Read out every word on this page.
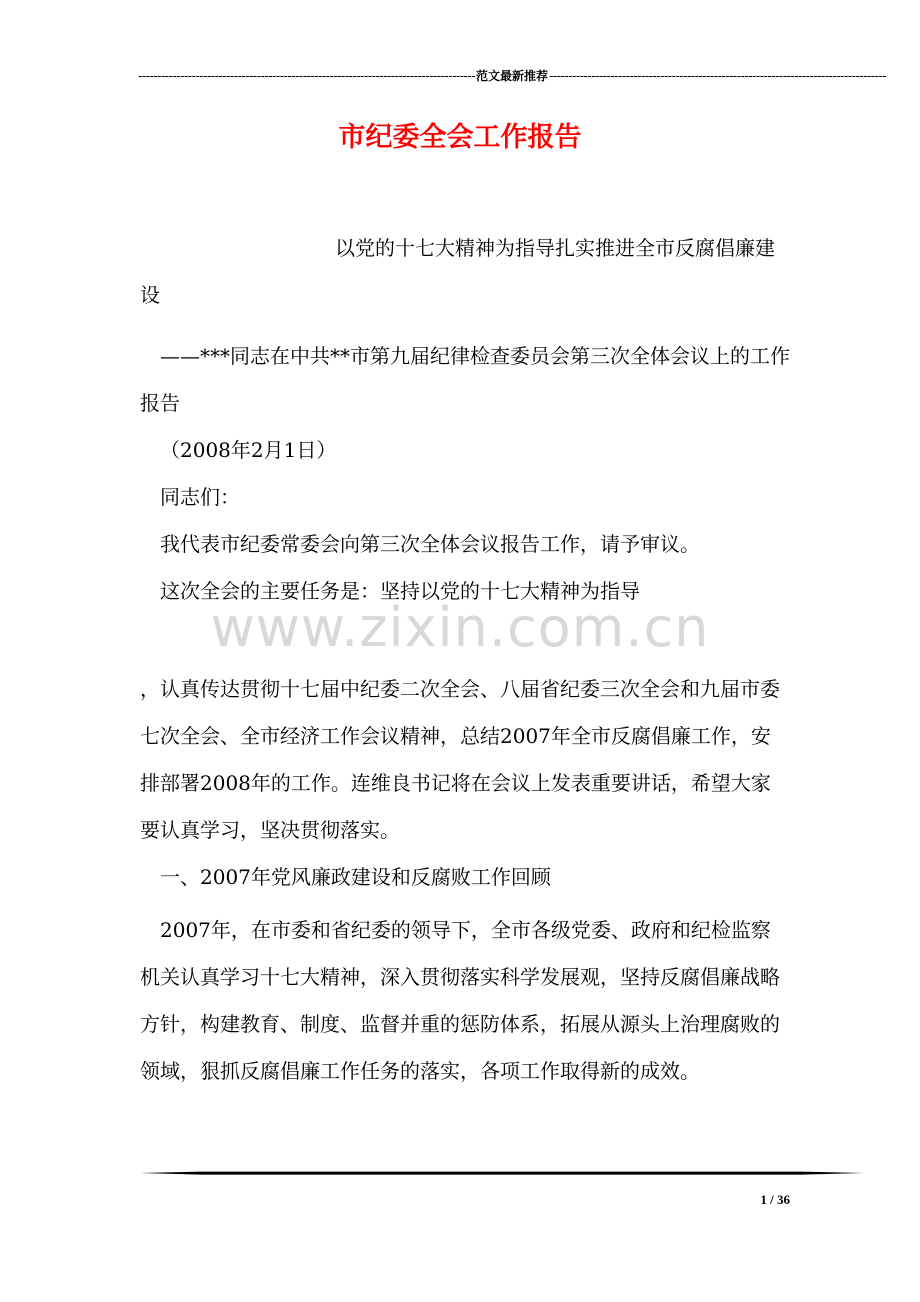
---------------------------------------------------------------------------------------- 范文最新推荐 ----------------------------------------------------------------------------------------
市纪委全会工作报告
以党的十七大精神为指导扎实推进全市反腐倡廉建设
——***同志在中共**市第九届纪律检查委员会第三次全体会议上的工作报告
（2008年2月1日）
同志们：
我代表市纪委常委会向第三次全体会议报告工作，请予审议。
这次全会的主要任务是：坚持以党的十七大精神为指导
www.zixin.com.cn
，认真传达贯彻十七届中纪委二次全会、八届省纪委三次全会和九届市委七次全会、全市经济工作会议精神，总结2007年全市反腐倡廉工作，安排部署2008年的工作。连维良书记将在会议上发表重要讲话，希望大家要认真学习，坚决贯彻落实。
一、2007年党风廉政建设和反腐败工作回顾
2007年，在市委和省纪委的领导下，全市各级党委、政府和纪检监察机关认真学习十七大精神，深入贯彻落实科学发展观，坚持反腐倡廉战略方针，构建教育、制度、监督并重的惩防体系，拓展从源头上治理腐败的领域，狠抓反腐倡廉工作任务的落实，各项工作取得新的成效。
1 / 36
